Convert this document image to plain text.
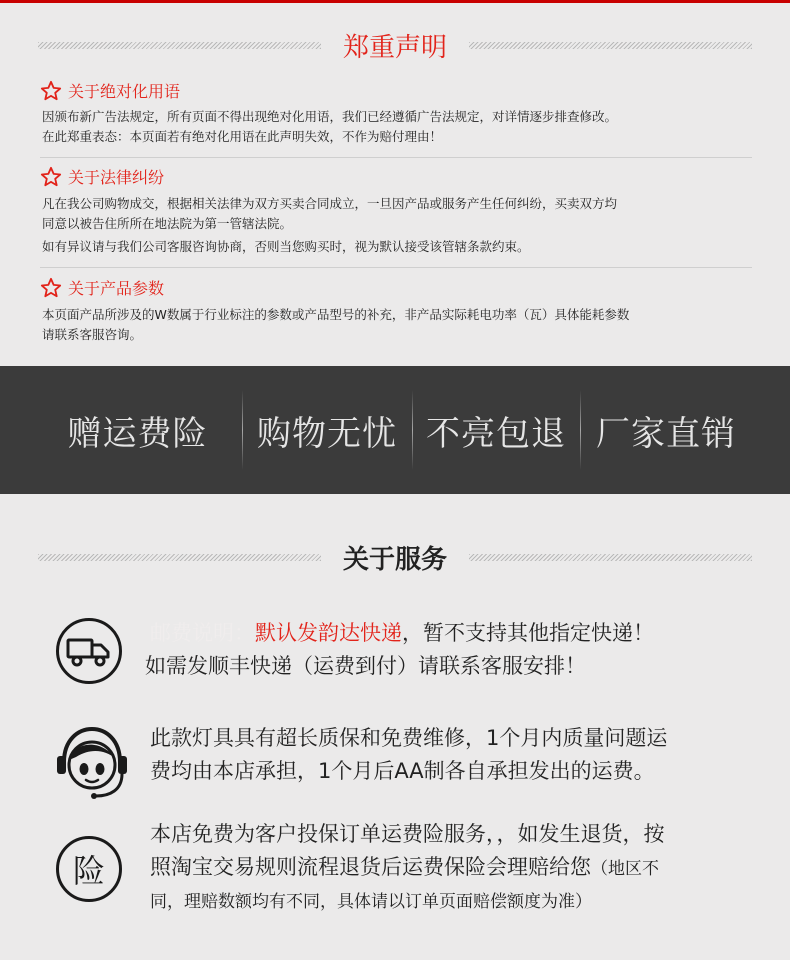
郑重声明
关于绝对化用语
因颁布新广告法规定，所有页面不得出现绝对化用语，我们已经遵循广告法规定，对详情逐步排查修改。
在此郑重表态：本页面若有绝对化用语在此声明失效，不作为赔付理由！
关于法律纠纷
凡在我公司购物成交，根据相关法律为双方买卖合同成立，一旦因产品或服务产生任何纠纷，买卖双方均
同意以被告住所所在地法院为第一管辖法院。
如有异议请与我们公司客服咨询协商，否则当您购买时，视为默认接受该管辖条款约束。
关于产品参数
本页面产品所涉及的W数属于行业标注的参数或产品型号的补充，非产品实际耗电功率（瓦）具体能耗参数
请联系客服咨询。
赠运费险	购物无忧 不亮包退 厂家直销
关于服务
邮费说明：默认发韵达快递，暂不支持其他指定快递！
如需发顺丰快递（运费到付）请联系客服安排！
此款灯具具有超长质保和免费维修，1个月内质量问题运
费均由本店承担，1个月后AA制各自承担发出的运费。
险
本店免费为客户投保订单运费险服务，，如发生退货，按
照淘宝交易规则流程退货后运费保险会理赔给您（地区不
同，理赔数额均有不同，具体请以订单页面赔偿额度为准）
